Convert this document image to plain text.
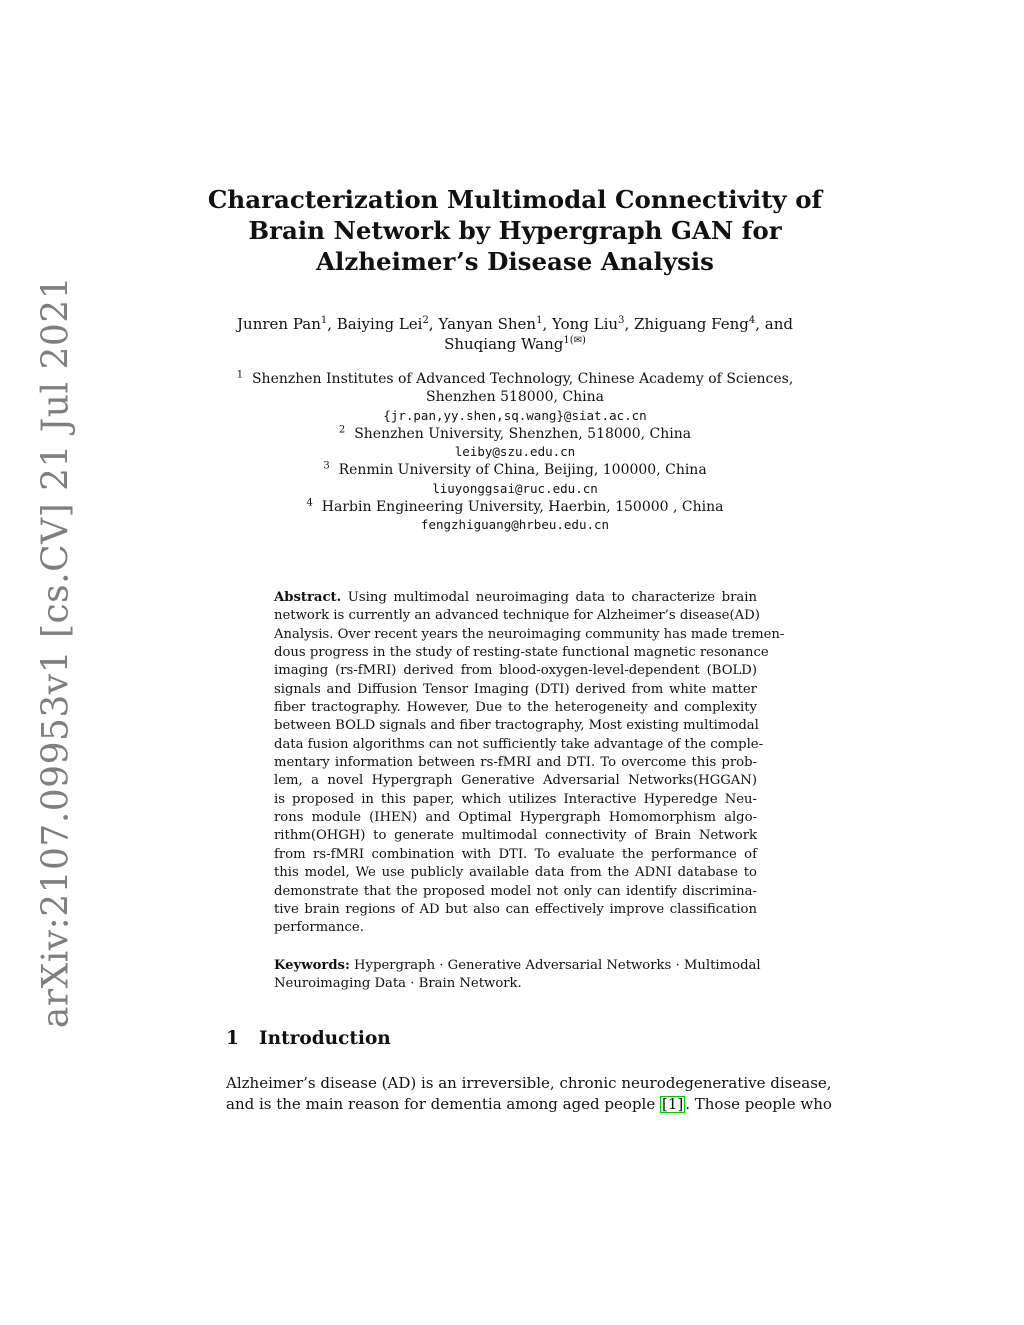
arXiv:2107.09953v1 [cs.CV] 21 Jul 2021
Characterization Multimodal Connectivity of
Brain Network by Hypergraph GAN for
Alzheimer’s Disease Analysis
Junren Pan$^1$, Baiying Lei$^2$, Yanyan Shen$^1$, Yong Liu$^3$, Zhiguang Feng$^4$, and
Shuqiang Wang$^{1(✉)}$
$^1$ Shenzhen Institutes of Advanced Technology, Chinese Academy of Sciences,
Shenzhen 518000, China
{jr.pan,yy.shen,sq.wang}@siat.ac.cn
$^2$ Shenzhen University, Shenzhen, 518000, China
leiby@szu.edu.cn
$^3$ Renmin University of China, Beijing, 100000, China
liuyonggsai@ruc.edu.cn
$^4$ Harbin Engineering University, Haerbin, 150000 , China
fengzhiguang@hrbeu.edu.cn
Abstract. Using multimodal neuroimaging data to characterize brain
network is currently an advanced technique for Alzheimer’s disease(AD)
Analysis. Over recent years the neuroimaging community has made tremen-
dous progress in the study of resting-state functional magnetic resonance
imaging (rs-fMRI) derived from blood-oxygen-level-dependent (BOLD)
signals and Diffusion Tensor Imaging (DTI) derived from white matter
fiber tractography. However, Due to the heterogeneity and complexity
between BOLD signals and fiber tractography, Most existing multimodal
data fusion algorithms can not sufficiently take advantage of the comple-
mentary information between rs-fMRI and DTI. To overcome this prob-
lem, a novel Hypergraph Generative Adversarial Networks(HGGAN)
is proposed in this paper, which utilizes Interactive Hyperedge Neu-
rons module (IHEN) and Optimal Hypergraph Homomorphism algo-
rithm(OHGH) to generate multimodal connectivity of Brain Network
from rs-fMRI combination with DTI. To evaluate the performance of
this model, We use publicly available data from the ADNI database to
demonstrate that the proposed model not only can identify discrimina-
tive brain regions of AD but also can effectively improve classification
performance.
Keywords: Hypergraph · Generative Adversarial Networks · Multimodal
Neuroimaging Data · Brain Network.
1 Introduction
Alzheimer’s disease (AD) is an irreversible, chronic neurodegenerative disease,
and is the main reason for dementia among aged people [1] . Those people who
